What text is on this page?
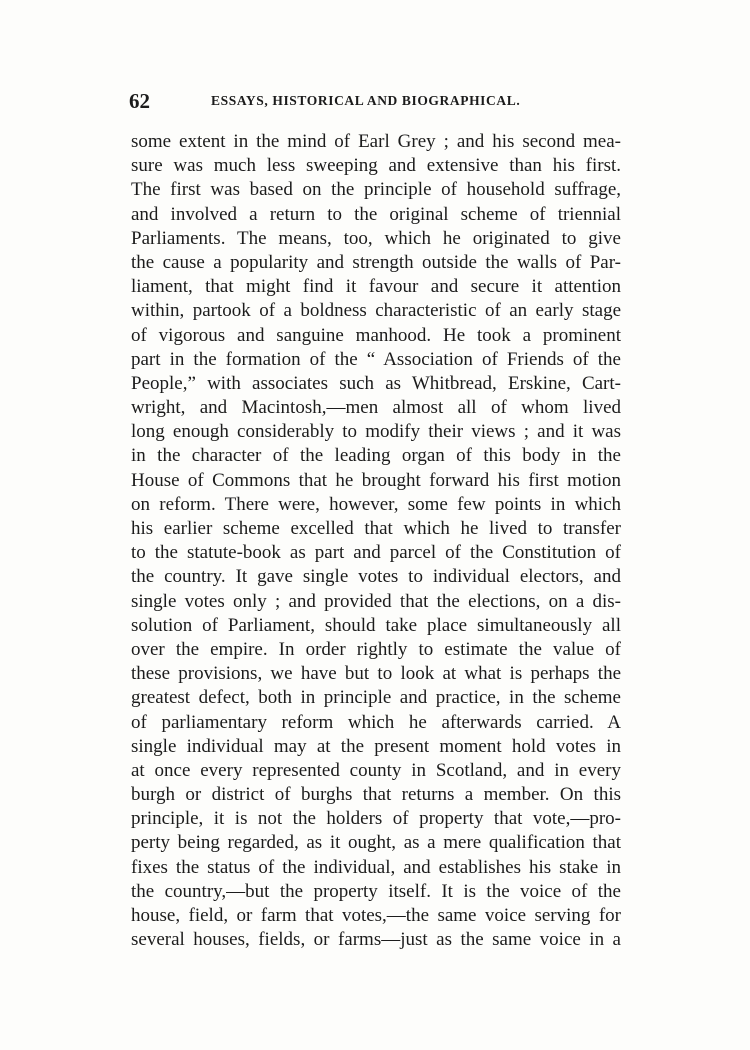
62	ESSAYS, HISTORICAL AND BIOGRAPHICAL.
some extent in the mind of Earl Grey ; and his second mea-
sure was much less sweeping and extensive than his first.
The first was based on the principle of household suffrage,
and involved a return to the original scheme of triennial
Parliaments. The means, too, which he originated to give
the cause a popularity and strength outside the walls of Par-
liament, that might find it favour and secure it attention
within, partook of a boldness characteristic of an early stage
of vigorous and sanguine manhood. He took a prominent
part in the formation of the “ Association of Friends of the
People,” with associates such as Whitbread, Erskine, Cart-
wright, and Macintosh,—men almost all of whom lived
long enough considerably to modify their views ; and it was
in the character of the leading organ of this body in the
House of Commons that he brought forward his first motion
on reform. There were, however, some few points in which
his earlier scheme excelled that which he lived to transfer
to the statute-book as part and parcel of the Constitution of
the country. It gave single votes to individual electors, and
single votes only ; and provided that the elections, on a dis-
solution of Parliament, should take place simultaneously all
over the empire. In order rightly to estimate the value of
these provisions, we have but to look at what is perhaps the
greatest defect, both in principle and practice, in the scheme
of parliamentary reform which he afterwards carried. A
single individual may at the present moment hold votes in
at once every represented county in Scotland, and in every
burgh or district of burghs that returns a member. On this
principle, it is not the holders of property that vote,—pro-
perty being regarded, as it ought, as a mere qualification that
fixes the status of the individual, and establishes his stake in
the country,—but the property itself. It is the voice of the
house, field, or farm that votes,—the same voice serving for
several houses, fields, or farms—just as the same voice in a
